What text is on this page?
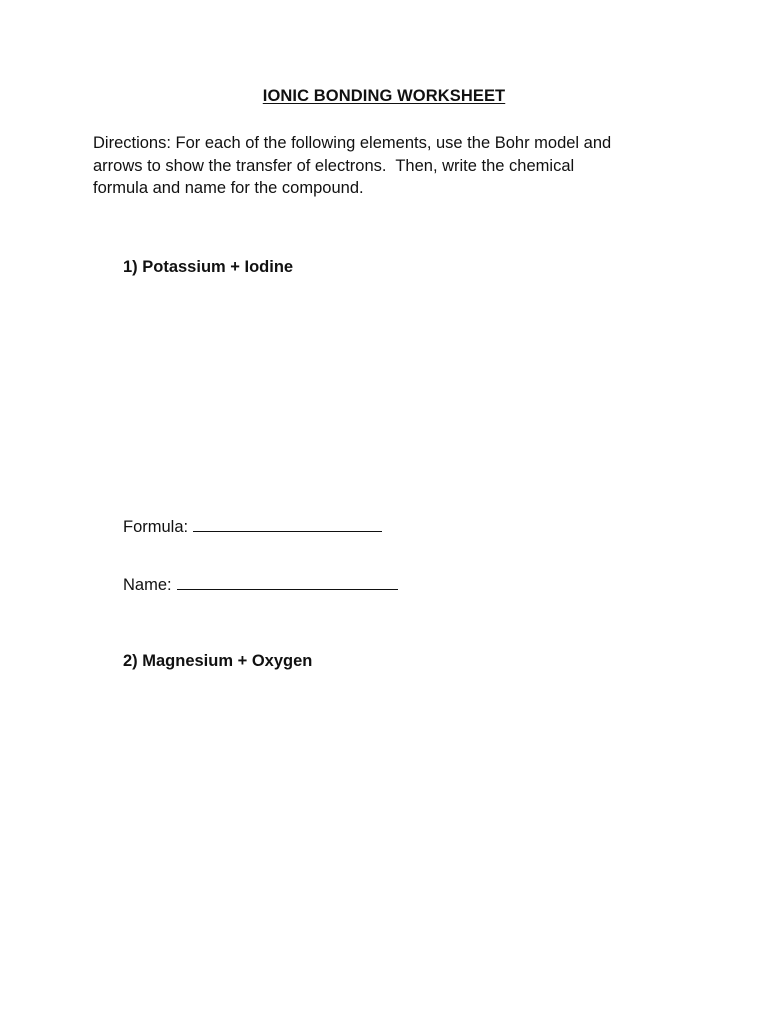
IONIC BONDING WORKSHEET
Directions: For each of the following elements, use the Bohr model and
arrows to show the transfer of electrons.  Then, write the chemical
formula and name for the compound.
1) Potassium + Iodine
Formula:
Name:
2) Magnesium + Oxygen
